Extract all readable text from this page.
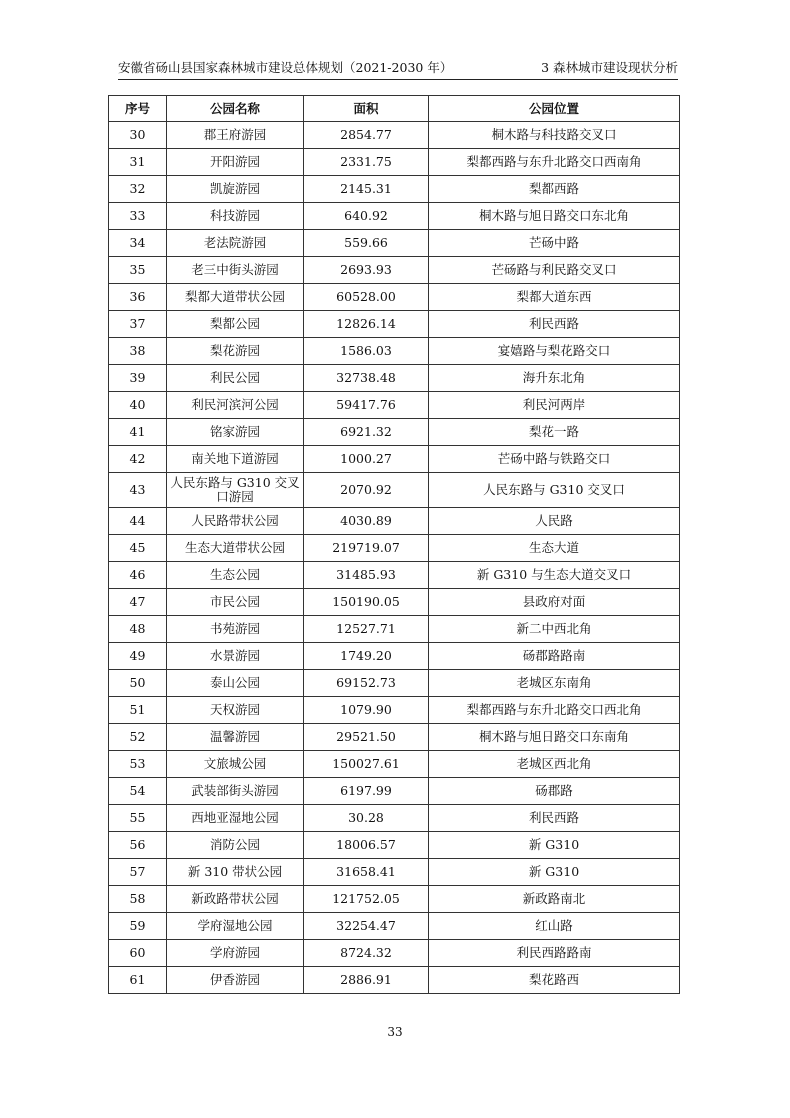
安徽省砀山县国家森林城市建设总体规划（2021-2030 年）	3 森林城市建设现状分析
序号	公园名称	面积	公园位置
30	郡王府游园	2854.77	桐木路与科技路交叉口
31	开阳游园	2331.75	梨都西路与东升北路交口西南角
32	凯旋游园	2145.31	梨都西路
33	科技游园	640.92	桐木路与旭日路交口东北角
34	老法院游园	559.66	芒砀中路
35	老三中街头游园	2693.93	芒砀路与利民路交叉口
36	梨都大道带状公园	60528.00	梨都大道东西
37	梨都公园	12826.14	利民西路
38	梨花游园	1586.03	宴嬉路与梨花路交口
39	利民公园	32738.48	海升东北角
40	利民河滨河公园	59417.76	利民河两岸
41	铭家游园	6921.32	梨花一路
42	南关地下道游园	1000.27	芒砀中路与铁路交口
43	人民东路与 G310 交叉口游园	2070.92	人民东路与 G310 交叉口
44	人民路带状公园	4030.89	人民路
45	生态大道带状公园	219719.07	生态大道
46	生态公园	31485.93	新 G310 与生态大道交叉口
47	市民公园	150190.05	县政府对面
48	书苑游园	12527.71	新二中西北角
49	水景游园	1749.20	砀郡路路南
50	泰山公园	69152.73	老城区东南角
51	天权游园	1079.90	梨都西路与东升北路交口西北角
52	温馨游园	29521.50	桐木路与旭日路交口东南角
53	文旅城公园	150027.61	老城区西北角
54	武装部街头游园	6197.99	砀郡路
55	西地亚湿地公园	30.28	利民西路
56	消防公园	18006.57	新 G310
57	新 310 带状公园	31658.41	新 G310
58	新政路带状公园	121752.05	新政路南北
59	学府湿地公园	32254.47	红山路
60	学府游园	8724.32	利民西路路南
61	伊香游园	2886.91	梨花路西
33
